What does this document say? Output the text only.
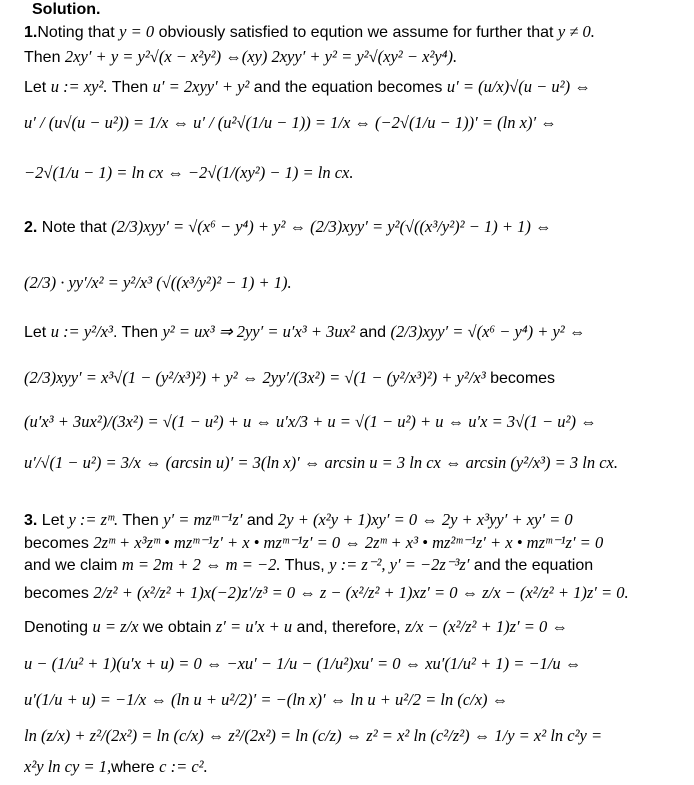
Solution.
1.Noting that y = 0 obviously satisfied to eqution we assume for further that y ≠ 0.
Then 2xy′ + y = y²√(x − x²y²) ⇔(xy) 2xyy′ + y² = y²√(xy² − x²y⁴).
Let u := xy². Then u′ = 2xyy′ + y² and the equation becomes u′ = (u/x)√(u − u²) ⇔
u′ / (u√(u − u²)) = 1/x ⇔ u′ / (u²√(1/u − 1)) = 1/x ⇔ (−2√(1/u − 1))′ = (ln x)′ ⇔
−2√(1/u − 1) = ln cx ⇔ −2√(1/(xy²) − 1) = ln cx.
2. Note that (2/3)xyy′ = √(x⁶ − y⁴) + y² ⇔ (2/3)xyy′ = y²(√((x³/y²)² − 1) + 1) ⇔
(2/3) · yy′/x² = y²/x³ (√((x³/y²)² − 1) + 1).
Let u := y²/x³. Then y² = ux³ ⇒ 2yy′ = u′x³ + 3ux² and (2/3)xyy′ = √(x⁶ − y⁴) + y² ⇔
(2/3)xyy′ = x³√(1 − (y²/x³)²) + y² ⇔ 2yy′/(3x²) = √(1 − (y²/x³)²) + y²/x³ becomes
(u′x³ + 3ux²)/(3x²) = √(1 − u²) + u ⇔ u′x/3 + u = √(1 − u²) + u ⇔ u′x = 3√(1 − u²) ⇔
u′/√(1 − u²) = 3/x ⇔ (arcsin u)′ = 3(ln x)′ ⇔ arcsin u = 3 ln cx ⇔ arcsin (y²/x³) = 3 ln cx.
3. Let y := zᵐ. Then y′ = mzᵐ⁻¹z′ and 2y + (x²y + 1)xy′ = 0 ⇔ 2y + x³yy′ + xy′ = 0
becomes 2zᵐ + x³zᵐ • mzᵐ⁻¹z′ + x • mzᵐ⁻¹z′ = 0 ⇔ 2zᵐ + x³ • mz²ᵐ⁻¹z′ + x • mzᵐ⁻¹z′ = 0
and we claim m = 2m + 2 ⇔ m = −2. Thus, y := z⁻², y′ = −2z⁻³z′ and the equation
becomes 2/z² + (x²/z² + 1)x(−2)z′/z³ = 0 ⇔ z − (x²/z² + 1)xz′ = 0 ⇔ z/x − (x²/z² + 1)z′ = 0.
Denoting u = z/x we obtain z′ = u′x + u and, therefore, z/x − (x²/z² + 1)z′ = 0 ⇔
u − (1/u² + 1)(u′x + u) = 0 ⇔ −xu′ − 1/u − (1/u²)xu′ = 0 ⇔ xu′(1/u² + 1) = −1/u ⇔
u′(1/u + u) = −1/x ⇔ (ln u + u²/2)′ = −(ln x)′ ⇔ ln u + u²/2 = ln (c/x) ⇔
ln (z/x) + z²/(2x²) = ln (c/x) ⇔ z²/(2x²) = ln (c/z) ⇔ z² = x² ln (c²/z²) ⇔ 1/y = x² ln c²y =
x²y ln cy = 1,where c := c².
